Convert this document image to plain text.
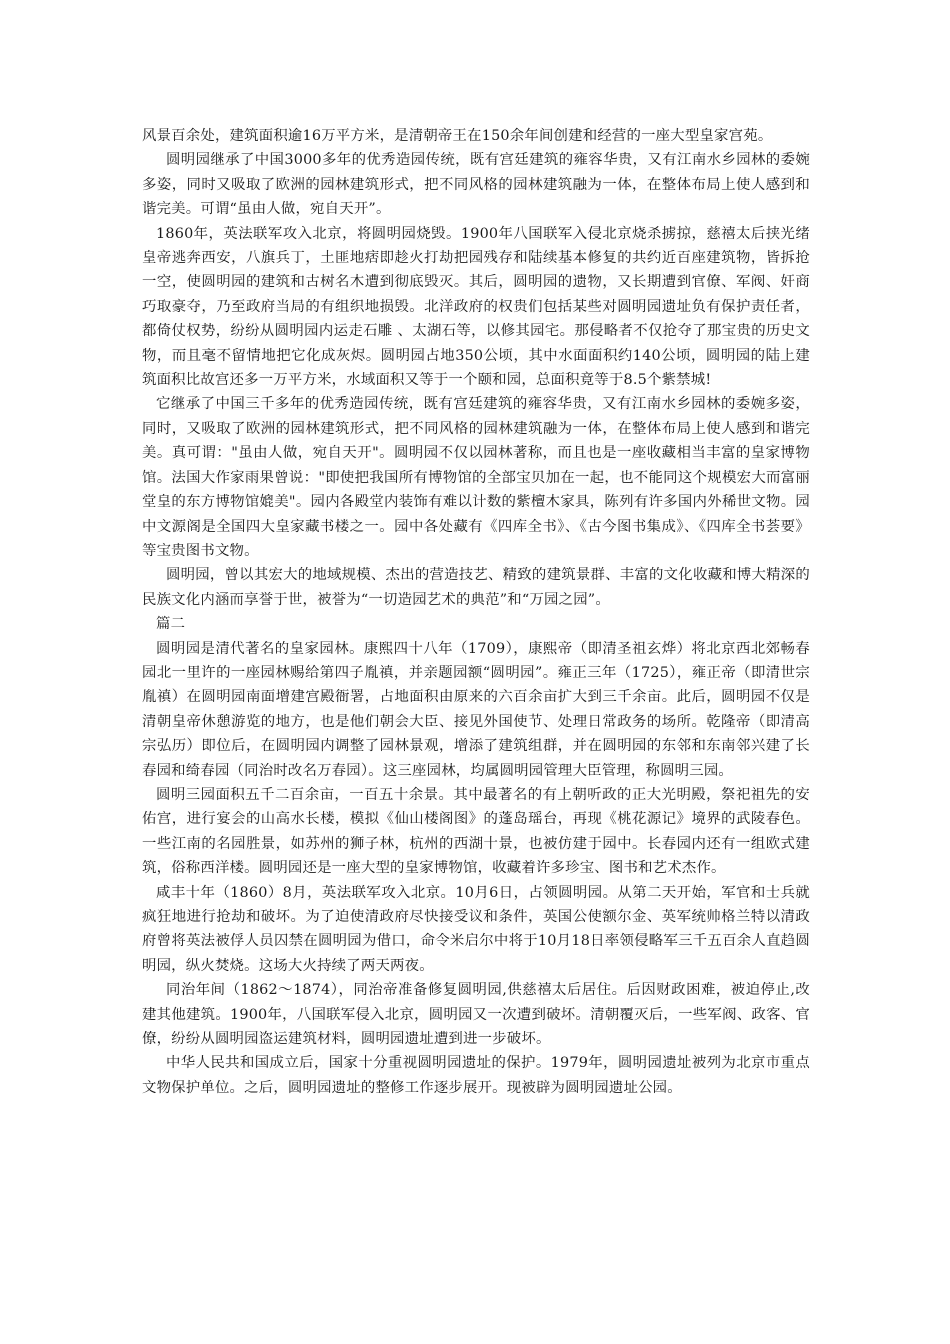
风景百余处，建筑面积逾16万平方米，是清朝帝王在150余年间创建和经营的一座大型皇家宫苑。

圆明园继承了中国3000多年的优秀造园传统，既有宫廷建筑的雍容华贵，又有江南水乡园林的委婉多姿，同时又吸取了欧洲的园林建筑形式，把不同风格的园林建筑融为一体，在整体布局上使人感到和谐完美。可谓“虽由人做，宛自天开”。

1860年，英法联军攻入北京，将圆明园烧毁。1900年八国联军入侵北京烧杀掳掠，慈禧太后挟光绪皇帝逃奔西安，八旗兵丁，土匪地痞即趁火打劫把园残存和陆续基本修复的共约近百座建筑物，皆拆抢一空，使圆明园的建筑和古树名木遭到彻底毁灭。其后，圆明园的遗物，又长期遭到官僚、军阀、奸商巧取豪夺，乃至政府当局的有组织地损毁。北洋政府的权贵们包括某些对圆明园遗址负有保护责任者，都倚仗权势，纷纷从圆明园内运走石雕 、太湖石等，以修其园宅。那侵略者不仅抢夺了那宝贵的历史文物，而且毫不留情地把它化成灰烬。圆明园占地350公顷，其中水面面积约140公顷，圆明园的陆上建筑面积比故宫还多一万平方米，水域面积又等于一个颐和园，总面积竟等于8.5个紫禁城!

它继承了中国三千多年的优秀造园传统，既有宫廷建筑的雍容华贵，又有江南水乡园林的委婉多姿，同时，又吸取了欧洲的园林建筑形式，把不同风格的园林建筑融为一体，在整体布局上使人感到和谐完美。真可谓："虽由人做，宛自天开"。圆明园不仅以园林著称，而且也是一座收藏相当丰富的皇家博物馆。法国大作家雨果曾说："即使把我国所有博物馆的全部宝贝加在一起，也不能同这个规模宏大而富丽堂皇的东方博物馆媲美"。园内各殿堂内装饰有难以计数的紫檀木家具，陈列有许多国内外稀世文物。园中文源阁是全国四大皇家藏书楼之一。园中各处藏有《四库全书》、《古今图书集成》、《四库全书荟要》等宝贵图书文物。

圆明园，曾以其宏大的地域规模、杰出的营造技艺、精致的建筑景群、丰富的文化收藏和博大精深的民族文化内涵而享誉于世，被誉为“一切造园艺术的典范”和“万园之园”。

篇二

圆明园是清代著名的皇家园林。康熙四十八年（1709），康熙帝（即清圣祖玄烨）将北京西北郊畅春园北一里许的一座园林赐给第四子胤禛，并亲题园额“圆明园”。雍正三年（1725），雍正帝（即清世宗胤禛）在圆明园南面增建宫殿衙署，占地面积由原来的六百余亩扩大到三千余亩。此后，圆明园不仅是清朝皇帝休憩游览的地方，也是他们朝会大臣、接见外国使节、处理日常政务的场所。乾隆帝（即清高宗弘历）即位后，在圆明园内调整了园林景观，增添了建筑组群，并在圆明园的东邻和东南邻兴建了长春园和绮春园（同治时改名万春园）。这三座园林，均属圆明园管理大臣管理，称圆明三园。

圆明三园面积五千二百余亩，一百五十余景。其中最著名的有上朝听政的正大光明殿，祭祀祖先的安佑宫，进行宴会的山高水长楼，模拟《仙山楼阁图》的蓬岛瑶台，再现《桃花源记》境界的武陵春色。一些江南的名园胜景，如苏州的狮子林，杭州的西湖十景，也被仿建于园中。长春园内还有一组欧式建筑，俗称西洋楼。圆明园还是一座大型的皇家博物馆，收藏着许多珍宝、图书和艺术杰作。

咸丰十年（1860）8月，英法联军攻入北京。10月6日，占领圆明园。从第二天开始，军官和士兵就疯狂地进行抢劫和破坏。为了迫使清政府尽快接受议和条件，英国公使额尔金、英军统帅格兰特以清政府曾将英法被俘人员囚禁在圆明园为借口，命令米启尔中将于10月18日率领侵略军三千五百余人直趋圆明园，纵火焚烧。这场大火持续了两天两夜。

同治年间（1862～1874），同治帝准备修复圆明园,供慈禧太后居住。后因财政困难，被迫停止,改建其他建筑。1900年，八国联军侵入北京，圆明园又一次遭到破坏。清朝覆灭后，一些军阀、政客、官僚，纷纷从圆明园盗运建筑材料，圆明园遗址遭到进一步破坏。

中华人民共和国成立后，国家十分重视圆明园遗址的保护。1979年，圆明园遗址被列为北京市重点文物保护单位。之后，圆明园遗址的整修工作逐步展开。现被辟为圆明园遗址公园。
